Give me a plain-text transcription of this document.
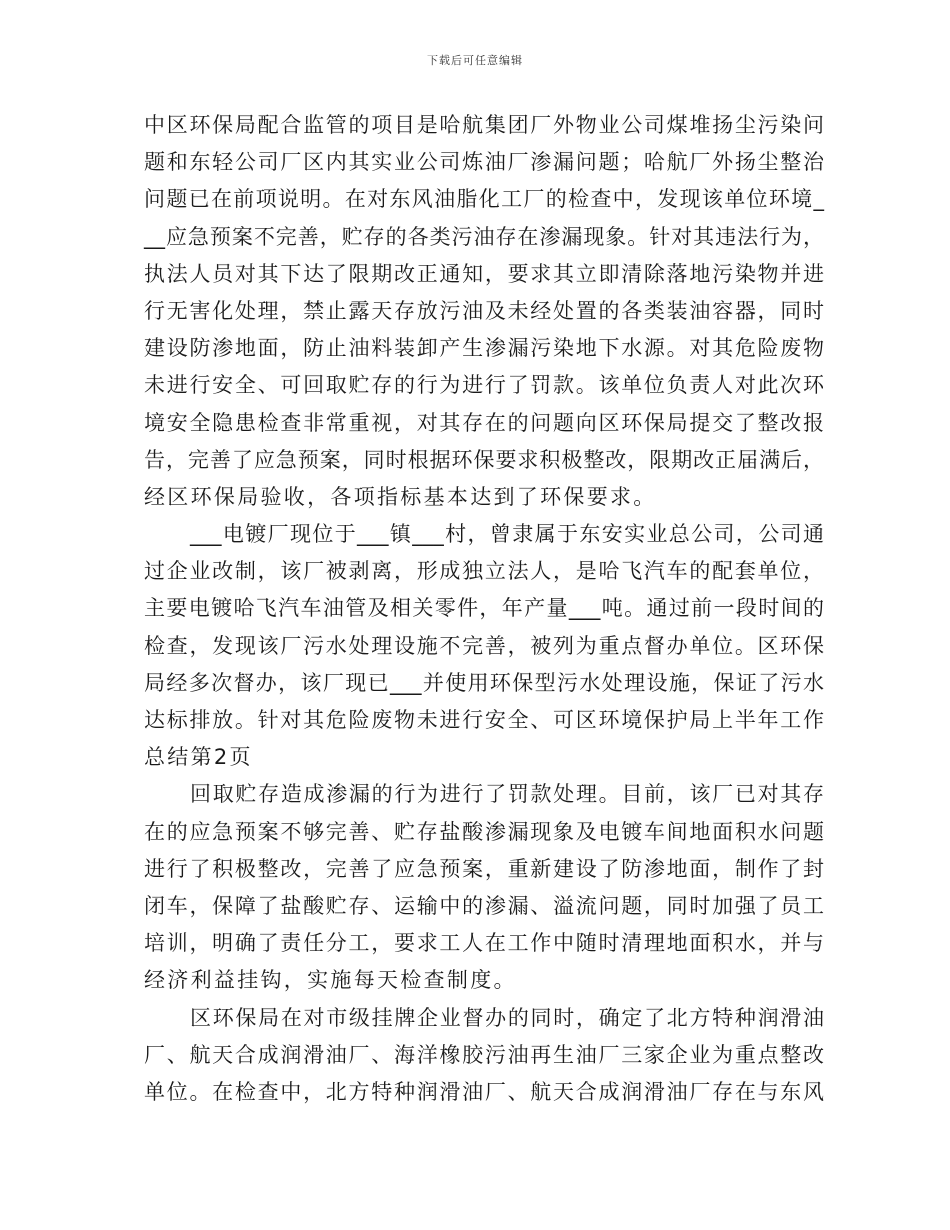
下载后可任意编辑
中区环保局配合监管的项目是哈航集团厂外物业公司煤堆扬尘污染问
题和东轻公司厂区内其实业公司炼油厂渗漏问题；哈航厂外扬尘整治
问题已在前项说明。在对东风油脂化工厂的检查中，发现该单位环境_
__应急预案不完善，贮存的各类污油存在渗漏现象。针对其违法行为，
执法人员对其下达了限期改正通知，要求其立即清除落地污染物并进
行无害化处理，禁止露天存放污油及未经处置的各类装油容器，同时
建设防渗地面，防止油料装卸产生渗漏污染地下水源。对其危险废物
未进行安全、可回取贮存的行为进行了罚款。该单位负责人对此次环
境安全隐患检查非常重视，对其存在的问题向区环保局提交了整改报
告，完善了应急预案，同时根据环保要求积极整改，限期改正届满后，
经区环保局验收，各项指标基本达到了环保要求。
___电镀厂现位于___镇___村，曾隶属于东安实业总公司，公司通
过企业改制，该厂被剥离，形成独立法人，是哈飞汽车的配套单位，
主要电镀哈飞汽车油管及相关零件，年产量___吨。通过前一段时间的
检查，发现该厂污水处理设施不完善，被列为重点督办单位。区环保
局经多次督办，该厂现已___并使用环保型污水处理设施，保证了污水
达标排放。针对其危险废物未进行安全、可区环境保护局上半年工作
总结第2页
回取贮存造成渗漏的行为进行了罚款处理。目前，该厂已对其存
在的应急预案不够完善、贮存盐酸渗漏现象及电镀车间地面积水问题
进行了积极整改，完善了应急预案，重新建设了防渗地面，制作了封
闭车，保障了盐酸贮存、运输中的渗漏、溢流问题，同时加强了员工
培训，明确了责任分工，要求工人在工作中随时清理地面积水，并与
经济利益挂钩，实施每天检查制度。
区环保局在对市级挂牌企业督办的同时，确定了北方特种润滑油
厂、航天合成润滑油厂、海洋橡胶污油再生油厂三家企业为重点整改
单位。在检查中，北方特种润滑油厂、航天合成润滑油厂存在与东风
